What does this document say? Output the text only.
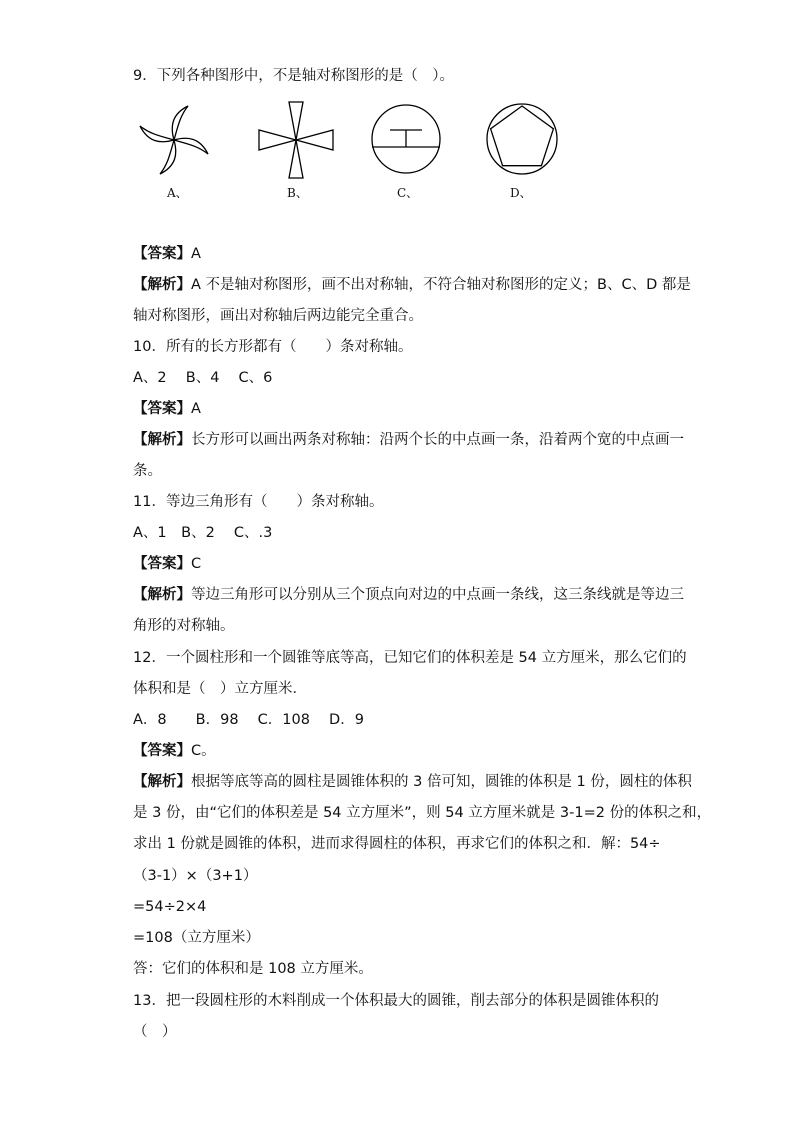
9．下列各种图形中，不是轴对称图形的是（　）。
A、	B、	C、	D、
【答案】A
【解析】A 不是轴对称图形，画不出对称轴，不符合轴对称图形的定义；B、C、D 都是
轴对称图形，画出对称轴后两边能完全重合。
10．所有的长方形都有（　　）条对称轴。
A、2　 B、4　 C、6
【答案】A
【解析】长方形可以画出两条对称轴：沿两个长的中点画一条，沿着两个宽的中点画一
条。
11．等边三角形有（　　）条对称轴。
A、1　B、2　 C、.3
【答案】C
【解析】等边三角形可以分别从三个顶点向对边的中点画一条线，这三条线就是等边三
角形的对称轴。
12．一个圆柱形和一个圆锥等底等高，已知它们的体积差是 54 立方厘米，那么它们的
体积和是（　）立方厘米．
A．8　　B．98　 C．108　 D．9
【答案】C。
【解析】根据等底等高的圆柱是圆锥体积的 3 倍可知，圆锥的体积是 1 份，圆柱的体积
是 3 份，由“它们的体积差是 54 立方厘米”，则 54 立方厘米就是 3-1=2 份的体积之和，
求出 1 份就是圆锥的体积，进而求得圆柱的体积，再求它们的体积之和．解：54÷
（3-1）×（3+1）
=54÷2×4
=108（立方厘米）
答：它们的体积和是 108 立方厘米。
13．把一段圆柱形的木料削成一个体积最大的圆锥，削去部分的体积是圆锥体积的
（　）
